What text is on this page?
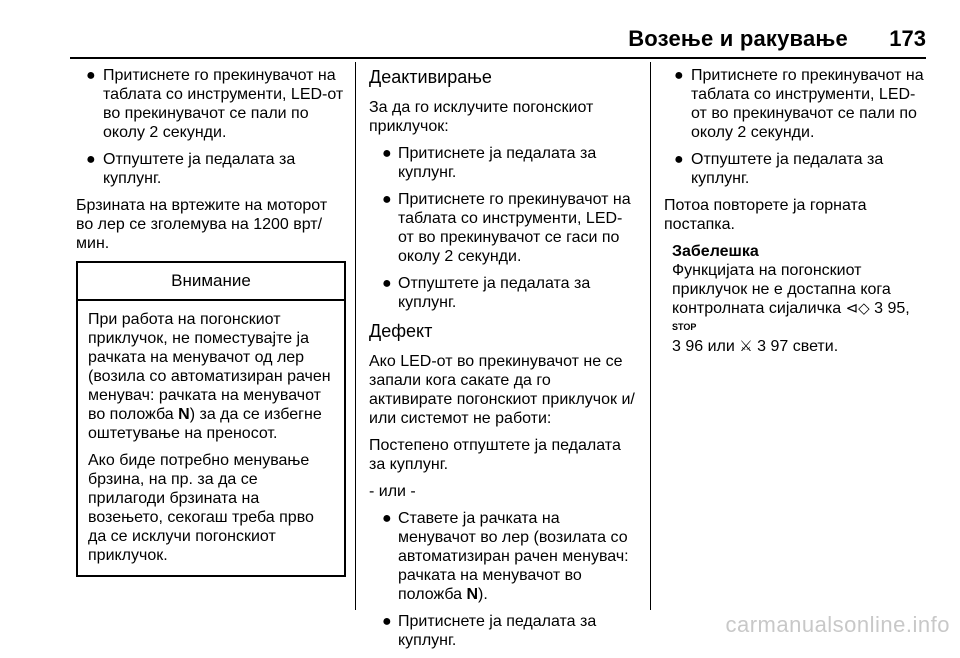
Возење и ракување 173
● Притиснете го прекинувачот на таблата со инструменти, LED-от во прекинувачот се пали по околу 2 секунди.
● Отпуштете ја педалата за куплунг.

Брзината на вртежите на моторот во лер се зголемува на 1200 врт/мин.

Внимание

При работа на погонскиот приклучок, не поместувајте ја рачката на менувачот од лер (возила со автоматизиран рачен менувач: рачката на менувачот во положба N) за да се избегне оштетување на преносот.

Ако биде потребно менување брзина, на пр. за да се прилагоди брзината на возењето, секогаш треба прво да се исклучи погонскиот приклучок.

Деактивирање

За да го исклучите погонскиот приклучок:

● Притиснете ја педалата за куплунг.
● Притиснете го прекинувачот на таблата со инструменти, LED-от во прекинувачот се гаси по околу 2 секунди.
● Отпуштете ја педалата за куплунг.
Дефект

Ако LED-от во прекинувачот не се запали кога сакате да го активирате погонскиот приклучок и/или системот не работи:

Постепено отпуштете ја педалата за куплунг.

- или -

● Ставете ја рачката на менувачот во лер (возилата со автоматизиран рачен менувач: рачката на менувачот во положба N).
● Притиснете ја педалата за куплунг.
● Притиснете го прекинувачот на таблата со инструменти, LED-от во прекинувачот се пали по околу 2 секунди.
● Отпуштете ја педалата за куплунг.

Потоа повторете ја горната постапка.

Забелешка
Функцијата на погонскиот приклучок не е достапна кога контролната сијаличка ⊲◇ 3 95, STOP
3 96 или ⚔ 3 97 свети.
carmanualsonline.info
